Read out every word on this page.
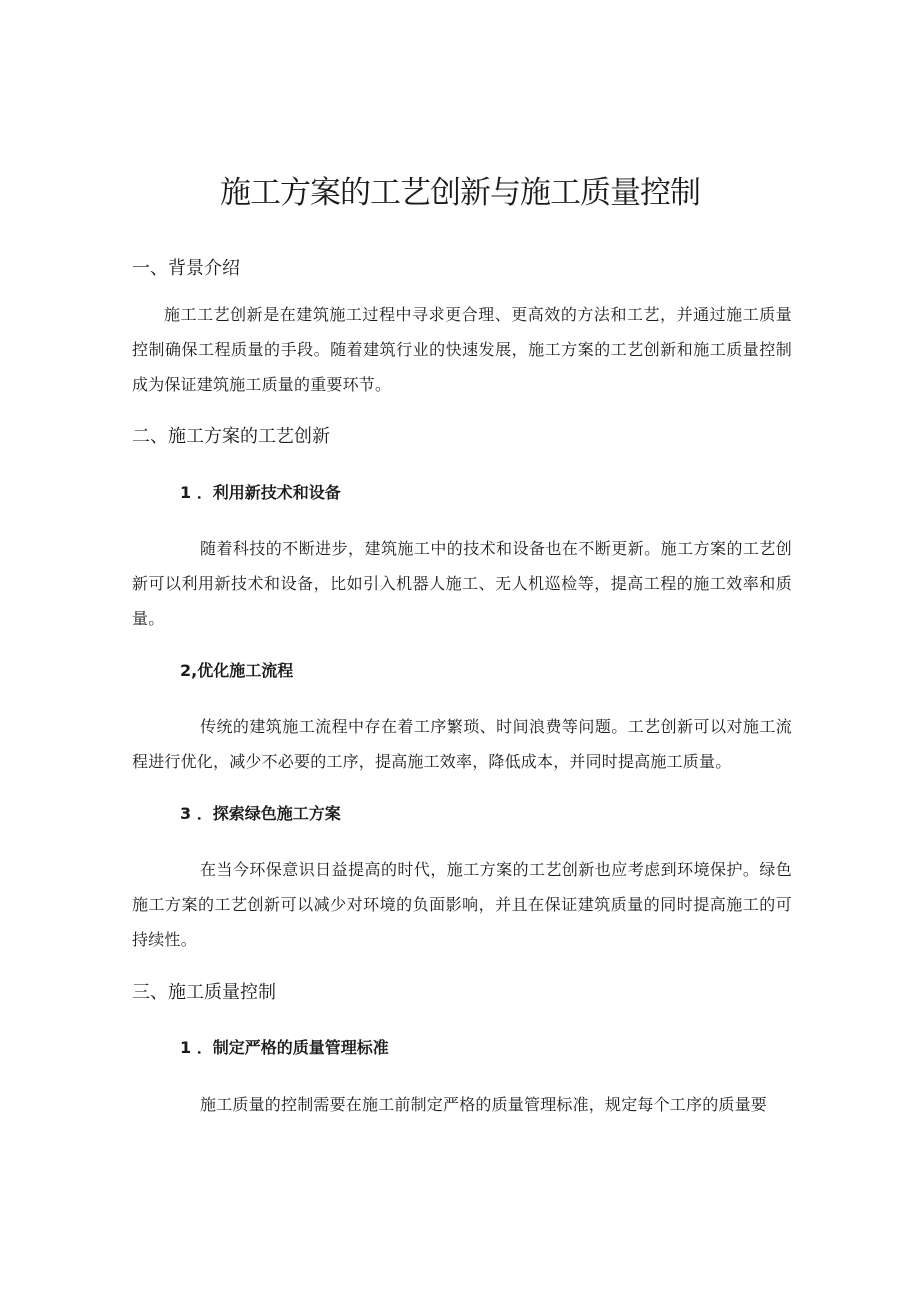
施工方案的工艺创新与施工质量控制
一、背景介绍

施工工艺创新是在建筑施工过程中寻求更合理、更高效的方法和工艺，并通过施工质量控制确保工程质量的手段。随着建筑行业的快速发展，施工方案的工艺创新和施工质量控制成为保证建筑施工质量的重要环节。

二、施工方案的工艺创新
1 ．利用新技术和设备

随着科技的不断进步，建筑施工中的技术和设备也在不断更新。施工方案的工艺创新可以利用新技术和设备，比如引入机器人施工、无人机巡检等，提高工程的施工效率和质量。

2,优化施工流程

传统的建筑施工流程中存在着工序繁琐、时间浪费等问题。工艺创新可以对施工流程进行优化，减少不必要的工序，提高施工效率，降低成本，并同时提高施工质量。

3 ．探索绿色施工方案

在当今环保意识日益提高的时代，施工方案的工艺创新也应考虑到环境保护。绿色施工方案的工艺创新可以减少对环境的负面影响，并且在保证建筑质量的同时提高施工的可持续性。

三、施工质量控制
1 ．制定严格的质量管理标准

施工质量的控制需要在施工前制定严格的质量管理标准，规定每个工序的质量要
